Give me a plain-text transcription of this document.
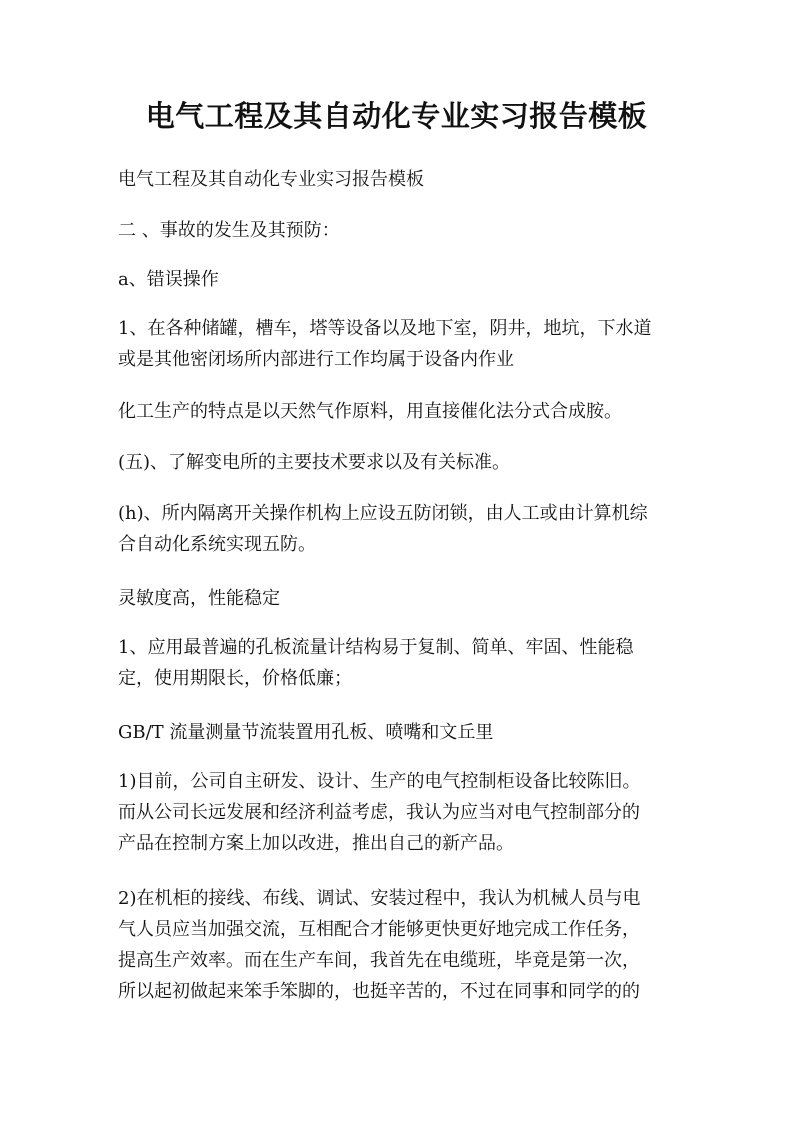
电气工程及其自动化专业实习报告模板
电气工程及其自动化专业实习报告模板
二 、事故的发生及其预防：
a、错误操作
1、在各种储罐，槽车，塔等设备以及地下室，阴井，地坑，下水道
或是其他密闭场所内部进行工作均属于设备内作业
化工生产的特点是以天然气作原料，用直接催化法分式合成胺。
(五)、了解变电所的主要技术要求以及有关标准。
(h)、所内隔离开关操作机构上应设五防闭锁，由人工或由计算机综
合自动化系统实现五防。
灵敏度高，性能稳定
1、应用最普遍的孔板流量计结构易于复制、简单、牢固、性能稳
定，使用期限长，价格低廉；
GB/T 流量测量节流装置用孔板、喷嘴和文丘里
1)目前，公司自主研发、设计、生产的电气控制柜设备比较陈旧。
而从公司长远发展和经济利益考虑，我认为应当对电气控制部分的
产品在控制方案上加以改进，推出自己的新产品。
2)在机柜的接线、布线、调试、安装过程中，我认为机械人员与电
气人员应当加强交流，互相配合才能够更快更好地完成工作任务，
提高生产效率。而在生产车间，我首先在电缆班，毕竟是第一次，
所以起初做起来笨手笨脚的，也挺辛苦的，不过在同事和同学的的
